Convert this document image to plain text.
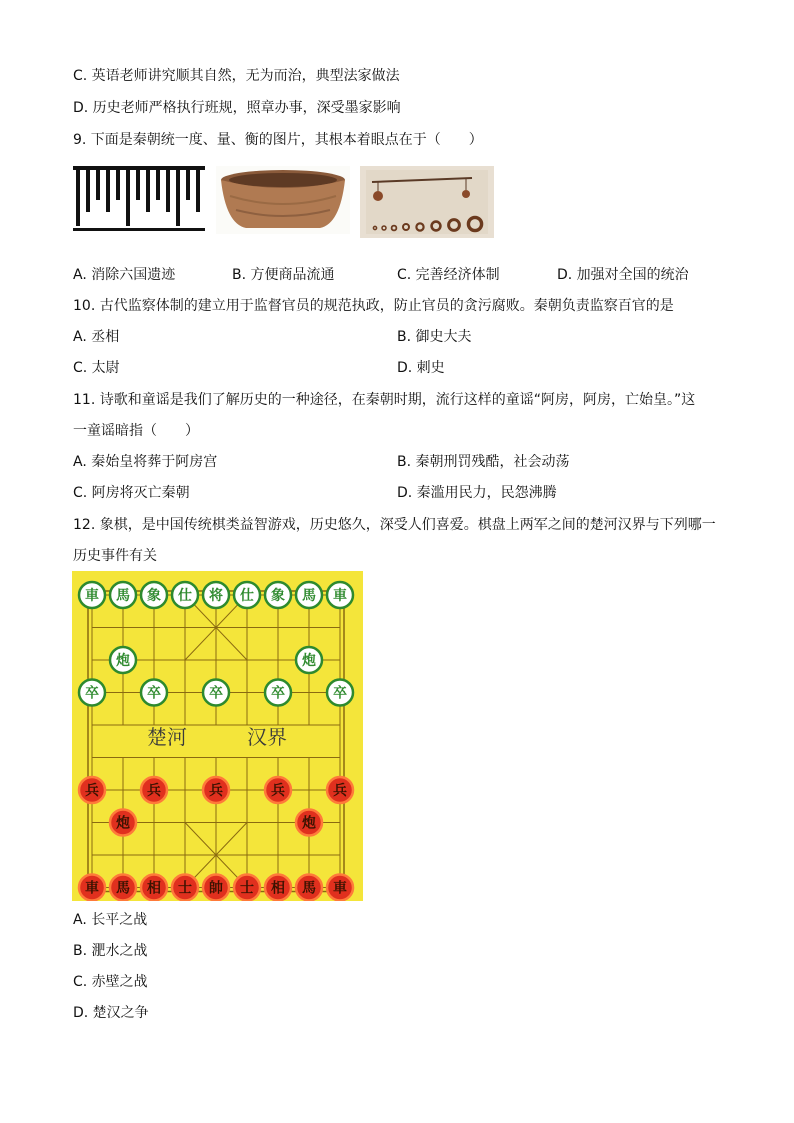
C. 英语老师讲究顺其自然，无为而治，典型法家做法
D. 历史老师严格执行班规，照章办事，深受墨家影响
9. 下面是秦朝统一度、量、衡的图片，其根本着眼点在于（　　）
A. 消除六国遗迹	B. 方便商品流通	C. 完善经济体制	D. 加强对全国的统治
10. 古代监察体制的建立用于监督官员的规范执政，防止官员的贪污腐败。秦朝负责监察百官的是
A. 丞相	B. 御史大夫
C. 太尉	D. 刺史
11. 诗歌和童谣是我们了解历史的一种途径，在秦朝时期，流行这样的童谣“阿房，阿房，亡始皇。”这
一童谣暗指（　　）
A. 秦始皇将葬于阿房宫	B. 秦朝刑罚残酷，社会动荡
C. 阿房将灭亡秦朝	D. 秦滥用民力，民怨沸腾
12. 象棋，是中国传统棋类益智游戏，历史悠久，深受人们喜爱。棋盘上两军之间的楚河汉界与下列哪一
历史事件有关
楚河	汉界
車 馬 象 仕 将 仕 象 馬 車
炮	炮
卒	卒	卒	卒	卒
兵	兵	兵	兵	兵
炮	炮
車 馬 相 士 帥 士 相 馬 車
A. 长平之战
B. 淝水之战
C. 赤壁之战
D. 楚汉之争
